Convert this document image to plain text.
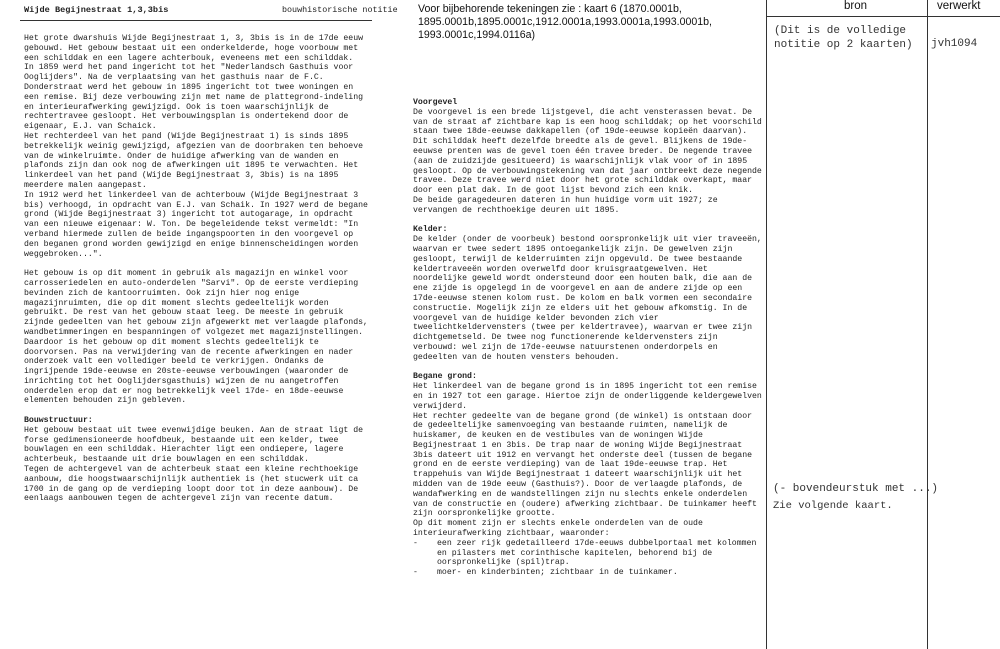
Wijde Begijnestraat 1,3,3bis	bouwhistorische notitie Voor bijbehorende tekeningen zie : kaart 6 (1870.0001b, 1895.0001b,1895.0001c,1912.0001a,1993.0001a,1993.0001b, 1993.0001c,1994.0116a)
bron	verwerkt
(Dit is de volledige notitie op 2 kaarten)	jvh1094
(- bovendeurstuk met ...)
Zie volgende kaart.

Het grote dwarshuis Wijde Begijnestraat 1, 3, 3bis is in de 17de eeuw gebouwd. Het gebouw bestaat uit een onderkelderde, hoge voorbouw met een schilddak en een lagere achterbouk, eveneens met een schilddak.

In 1859 werd het pand ingericht tot het "Nederlandsch Gasthuis voor Ooglijders". Na de verplaatsing van het gasthuis naar de F.C. Donderstraat werd het gebouw in 1895 ingericht tot twee woningen en een remise. Bij deze verbouwing zijn met name de plattegrond-indeling en interieurafwerking gewijzigd. Ook is toen waarschijnlijk de rechtertravee gesloopt. Het verbouwingsplan is ondertekend door de eigenaar, E.J. van Schaick.

Het rechterdeel van het pand (Wijde Begijnestraat 1) is sinds 1895 betrekkelijk weinig gewijzigd, afgezien van de doorbraken ten behoeve van de winkelruimte. Onder de huidige afwerking van de wanden en plafonds zijn dan ook nog de afwerkingen uit 1895 te verwachten. Het linkerdeel van het pand (Wijde Begijnestraat 3, 3bis) is na 1895 meerdere malen aangepast.

In 1912 werd het linkerdeel van de achterbouw (Wijde Begijnestraat 3 bis) verhoogd, in opdracht van E.J. van Schaik. In 1927 werd de begane grond (Wijde Begijnestraat 3) ingericht tot autogarage, in opdracht van een nieuwe eigenaar: W. Ton. De begeleidende tekst vermeldt: "In verband hiermede zullen de beide ingangspoorten in den voorgevel op den beganen grond worden gewijzigd en enige binnenscheidingen worden weggebroken...".

Het gebouw is op dit moment in gebruik als magazijn en winkel voor carrosseriedelen en auto-onderdelen "Sarvi". Op de eerste verdieping bevinden zich de kantoorruimten. Ook zijn hier nog enige magazijnruimten, die op dit moment slechts gedeeltelijk worden gebruikt. De rest van het gebouw staat leeg. De meeste in gebruik zijnde gedeelten van het gebouw zijn afgewerkt met verlaagde plafonds, wandbetimmeringen en bespanningen of volgezet met magazijnstellingen. Daardoor is het gebouw op dit moment slechts gedeeltelijk te doorvorsen. Pas na verwijdering van de recente afwerkingen en nader onderzoek valt een vollediger beeld te verkrijgen. Ondanks de ingrijpende 19de-eeuwse en 20ste-eeuwse verbouwingen (waaronder de inrichting tot het Ooglijdersgasthuis) wijzen de nu aangetroffen onderdelen erop dat er nog betrekkelijk veel 17de- en 18de-eeuwse elementen behouden zijn gebleven.

Bouwstructuur:

Het gebouw bestaat uit twee evenwijdige beuken. Aan de straat ligt de forse gedimensioneerde hoofdbeuk, bestaande uit een kelder, twee bouwlagen en een schilddak. Hierachter ligt een ondiepere, lagere achterbeuk, bestaande uit drie bouwlagen en een schilddak.

Tegen de achtergevel van de achterbeuk staat een kleine rechthoekige aanbouw, die hoogstwaarschijnlijk authentiek is (het stucwerk uit ca 1700 in de gang op de verdieping loopt door tot in deze aanbouw). De eenlaags aanbouwen tegen de achtergevel zijn van recente datum.

Voorgevel

De voorgevel is een brede lijstgevel, die acht vensterassen bevat. De van de straat af zichtbare kap is een hoog schilddak; op het voorschild staan twee 18de-eeuwse dakkapellen (of 19de-eeuwse kopieën daarvan). Dit schilddak heeft dezelfde breedte als de gevel. Blijkens de 19de-eeuwse prenten was de gevel toen één travee breder. De negende travee (aan de zuidzijde gesitueerd) is waarschijnlijk vlak voor of in 1895 gesloopt. Op de verbouwingstekening van dat jaar ontbreekt deze negende travee. Deze travee werd niet door het grote schilddak overkapt, maar door een plat dak. In de goot lijst bevond zich een knik.

De beide garagedeuren dateren in hun huidige vorm uit 1927; ze vervangen de rechthoekige deuren uit 1895.

Kelder:

De kelder (onder de voorbeuk) bestond oorspronkelijk uit vier traveeën, waarvan er twee sedert 1895 ontoegankelijk zijn. De gewelven zijn gesloopt, terwijl de kelderruimten zijn opgevuld. De twee bestaande keldertraveeën worden overwelfd door kruisgraatgewelven. Het noordelijke geweld wordt ondersteund door een houten balk, die aan de ene zijde is opgelegd in de voorgevel en aan de andere zijde op een 17de-eeuwse stenen kolom rust. De kolom en balk vormen een secondaire constructie. Mogelijk zijn ze elders uit het gebouw afkomstig. In de voorgevel van de huidige kelder bevonden zich vier tweelichtkeldervensters (twee per keldertravee), waarvan er twee zijn dichtgemetseld. De twee nog functionerende keldervensters zijn verbouwd: wel zijn de 17de-eeuwse natuurstenen onderdorpels en gedeelten van de houten vensters behouden.

Begane grond:

Het linkerdeel van de begane grond is in 1895 ingericht tot een remise en in 1927 tot een garage. Hiertoe zijn de onderliggende keldergewelven verwijderd.

Het rechter gedeelte van de begane grond (de winkel) is ontstaan door de gedeeltelijke samenvoeging van bestaande ruimten, namelijk de huiskamer, de keuken en de vestibules van de woningen Wijde Begijnestraat 1 en 3bis. De trap naar de woning Wijde Begijnestraat 3bis dateert uit 1912 en vervangt het onderste deel (tussen de begane grond en de eerste verdieping) van de laat 19de-eeuwse trap. Het trappehuis van Wijde Begijnestraat 1 dateert waarschijnlijk uit het midden van de 19de eeuw (Gasthuis?). Door de verlaagde plafonds, de wandafwerking en de wandstellingen zijn nu slechts enkele onderdelen van de constructie en (oudere) afwerking zichtbaar. De tuinkamer heeft zijn oorspronkelijke grootte.

Op dit moment zijn er slechts enkele onderdelen van de oude interieurafwerking zichtbaar, waaronder:

-	een zeer rijk gedetailleerd 17de-eeuws dubbelportaal met kolommen en pilasters met corinthische kapitelen, behorend bij de oorspronkelijke (spil)trap.
-	moer- en kinderbinten; zichtbaar in de tuinkamer.
